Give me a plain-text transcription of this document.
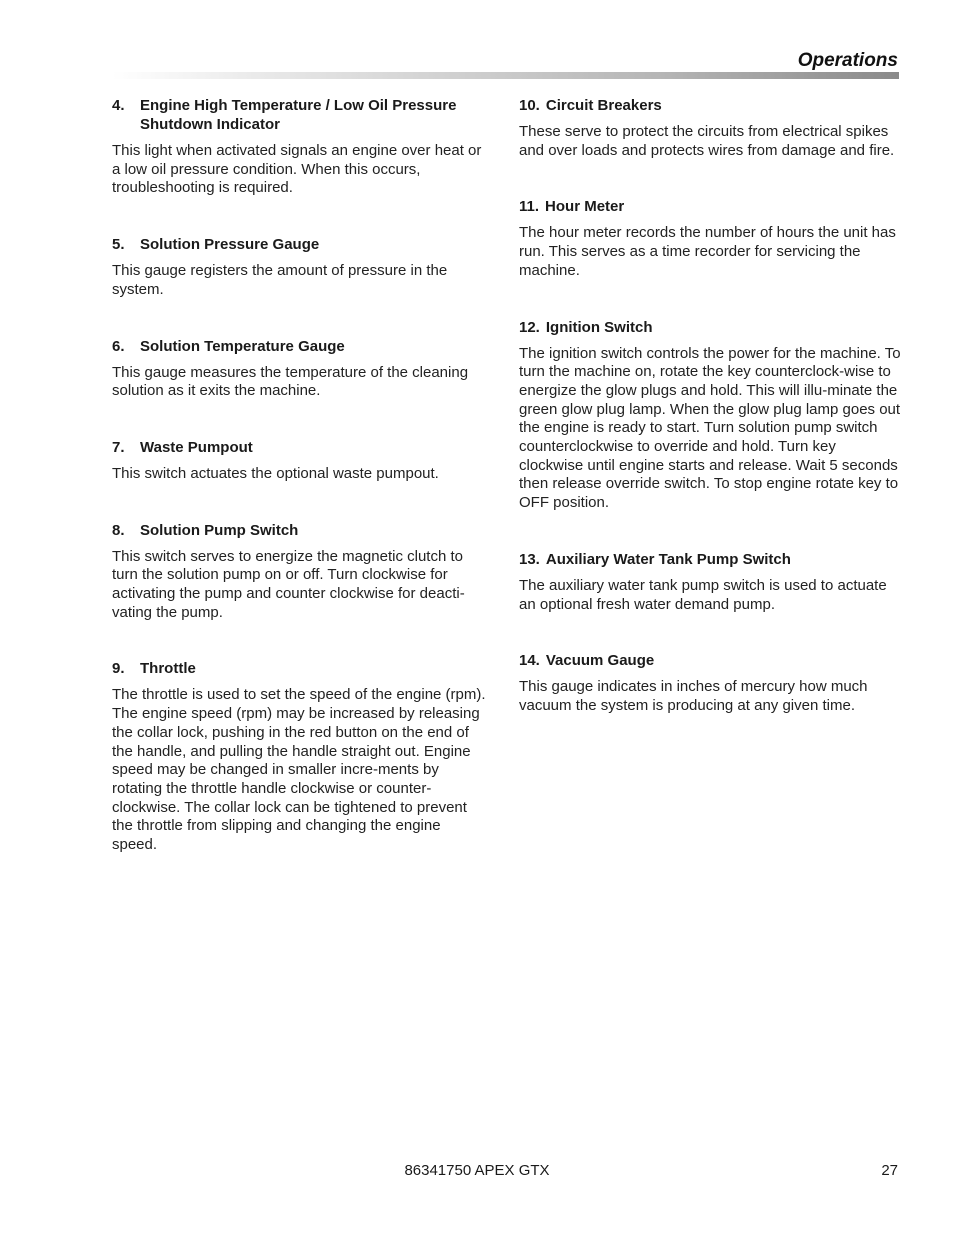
Operations
4.	Engine High Temperature / Low Oil Pressure Shutdown Indicator

This light when activated signals an engine over heat or a low oil pressure condition. When this occurs, troubleshooting is required.

5.	Solution Pressure Gauge

This gauge registers the amount of pressure in the system.

6.	Solution Temperature Gauge

This gauge measures the temperature of the cleaning solution as it exits the machine.

7.	Waste Pumpout

This switch actuates the optional waste pumpout.

8.	Solution Pump Switch

This switch serves to energize the magnetic clutch to turn the solution pump on or off. Turn clockwise for activating the pump and counter clockwise for deacti-vating the pump.

9.	Throttle

The throttle is used to set the speed of the engine (rpm). The engine speed (rpm) may be increased by releasing the collar lock, pushing in the red button on the end of the handle, and pulling the handle straight out. Engine speed may be changed in smaller incre-ments by rotating the throttle handle clockwise or counter-clockwise. The collar lock can be tightened to prevent the throttle from slipping and changing the engine speed.

10. Circuit Breakers

These serve to protect the circuits from electrical spikes and over loads and protects wires from damage and fire.

11. Hour Meter

The hour meter records the number of hours the unit has run. This serves as a time recorder for servicing the machine.

12. Ignition Switch

The ignition switch controls the power for the machine. To turn the machine on, rotate the key counterclock-wise to energize the glow plugs and hold. This will illu-minate the green glow plug lamp. When the glow plug lamp goes out the engine is ready to start. Turn solution pump switch counterclockwise to override and hold. Turn key clockwise until engine starts and release. Wait 5 seconds then release override switch. To stop engine rotate key to OFF position.

13. Auxiliary Water Tank Pump Switch

The auxiliary water tank pump switch is used to actuate an optional fresh water demand pump.

14. Vacuum Gauge

This gauge indicates in inches of mercury how much vacuum the system is producing at any given time.

86341750 APEX GTX	27
